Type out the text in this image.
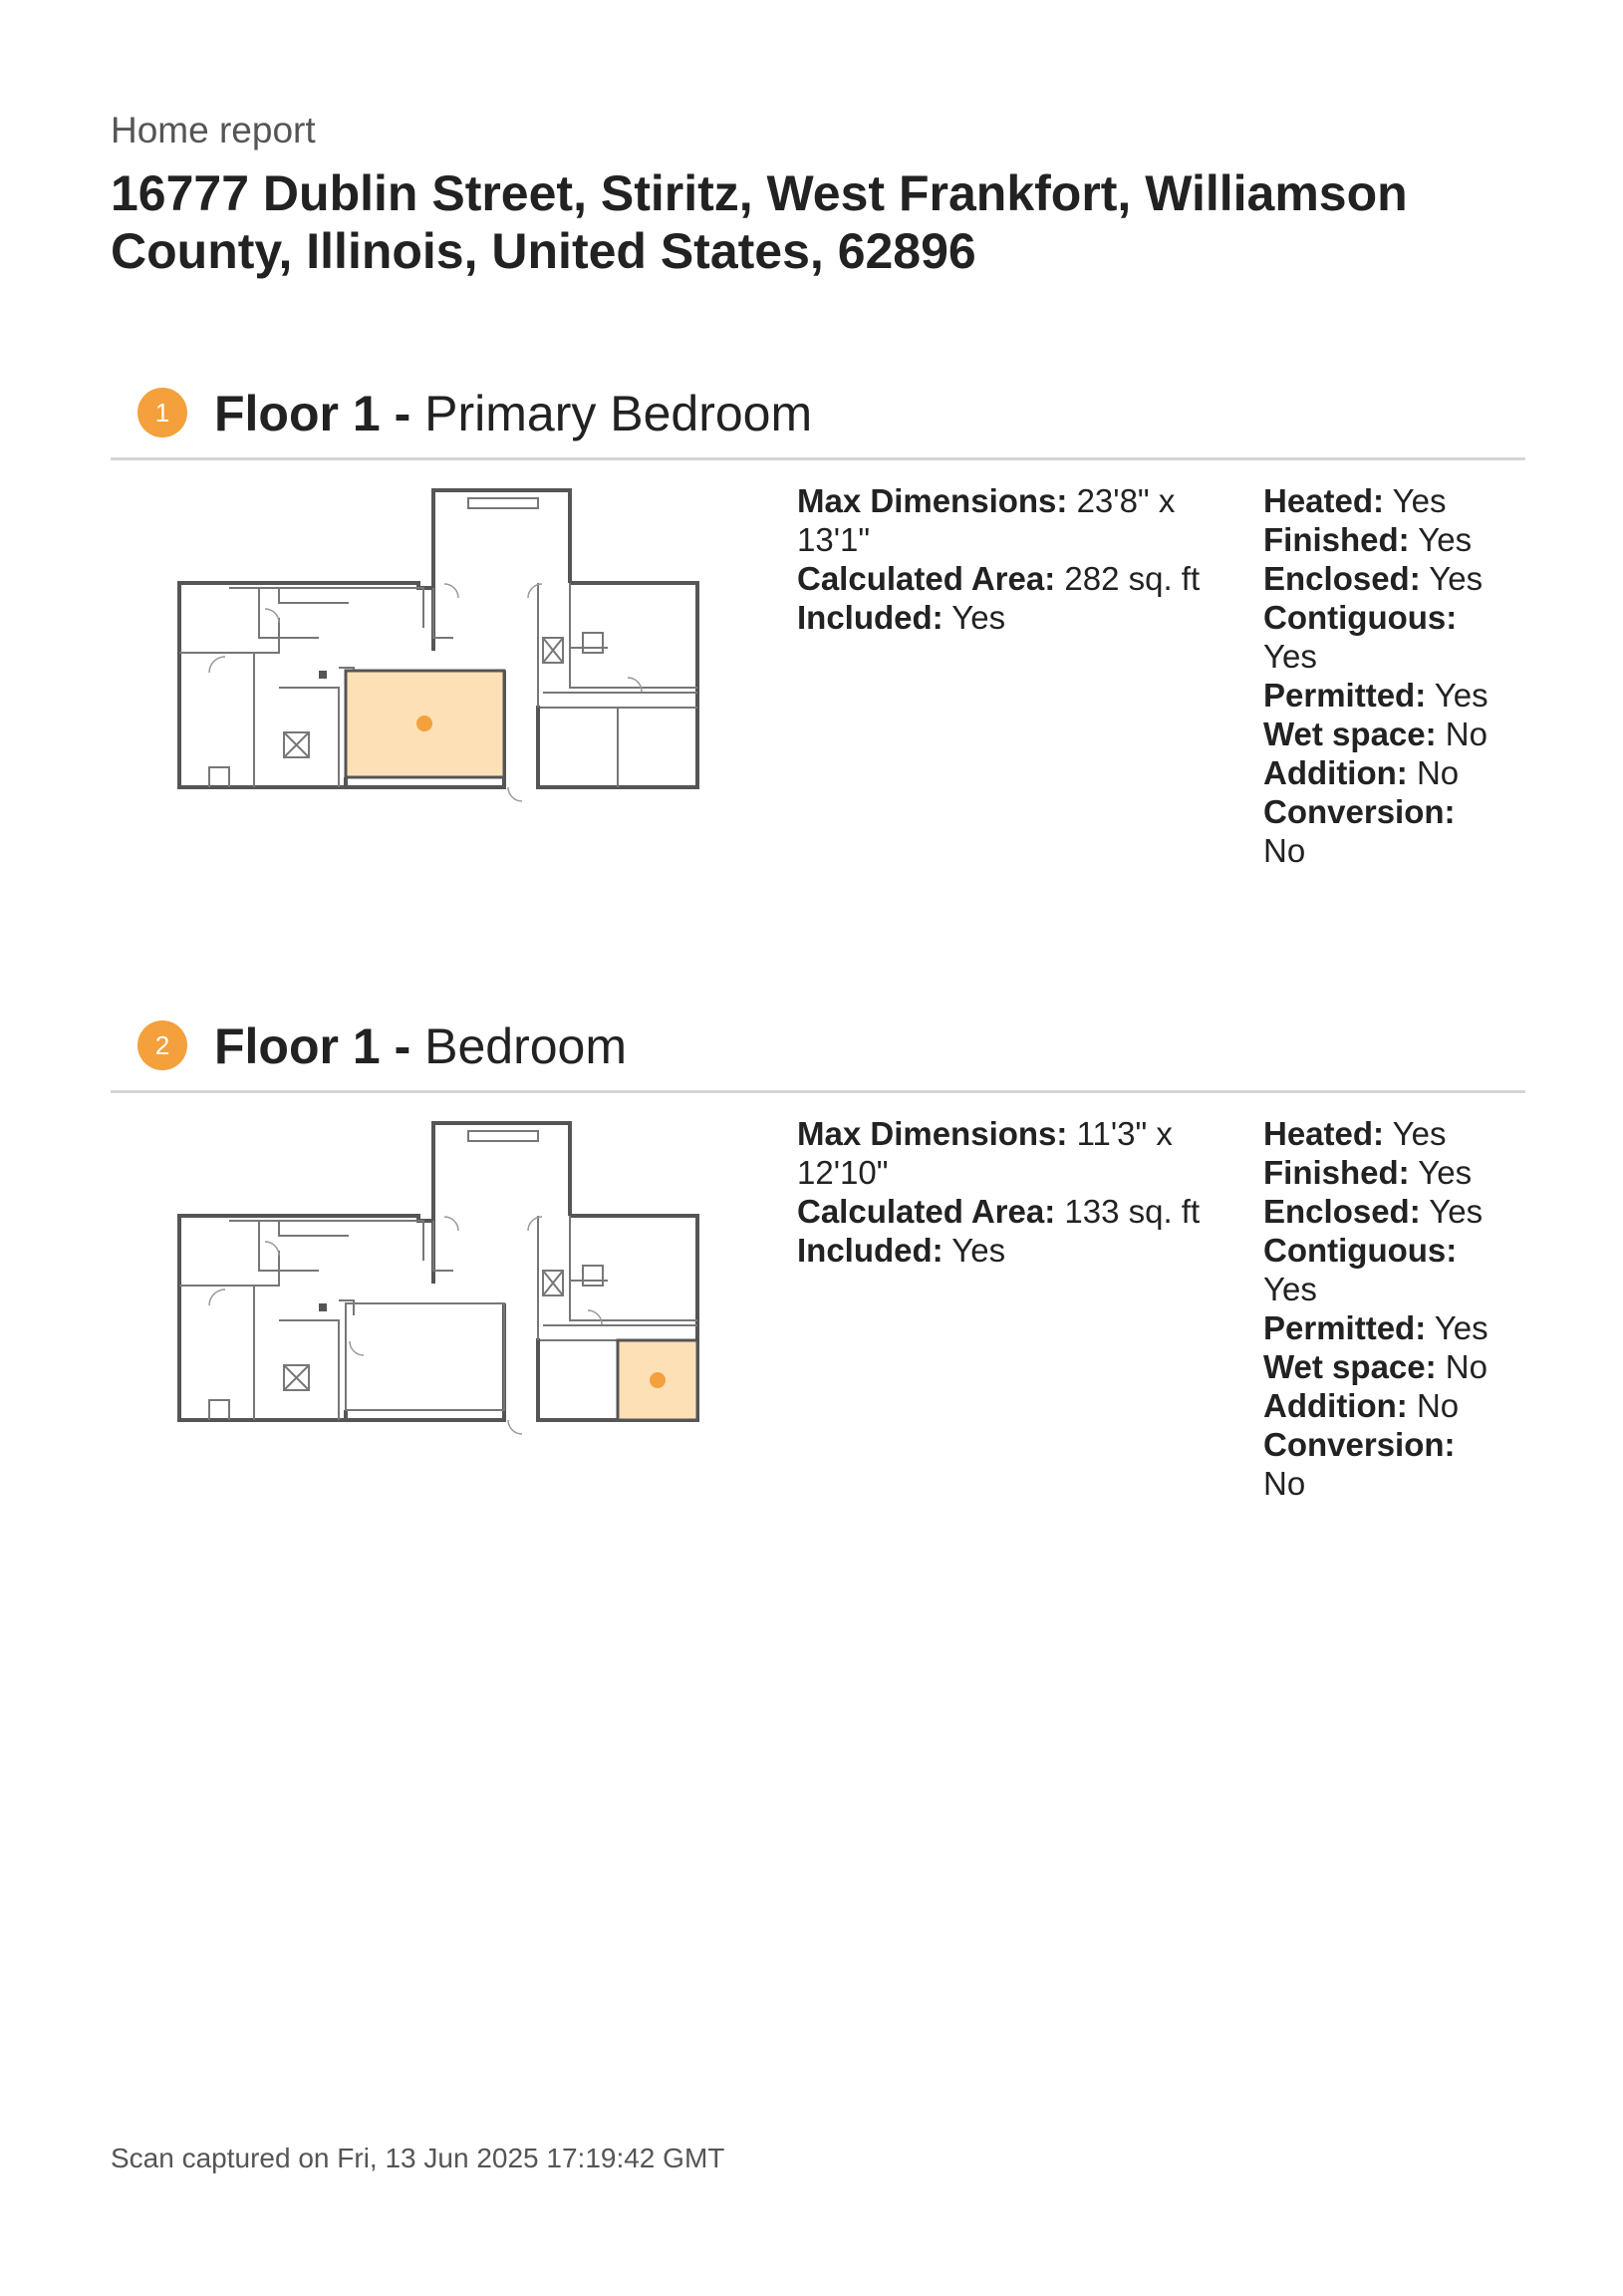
Home report
16777 Dublin Street, Stiritz, West Frankfort, Williamson County, Illinois, United States, 62896
1 Floor 1 - Primary Bedroom
Max Dimensions: 23'8" x 13'1"
Calculated Area: 282 sq. ft
Included: Yes
Heated: Yes
Finished: Yes
Enclosed: Yes
Contiguous: Yes
Permitted: Yes
Wet space: No
Addition: No
Conversion: No
2 Floor 1 - Bedroom
Max Dimensions: 11'3" x 12'10"
Calculated Area: 133 sq. ft
Included: Yes
Heated: Yes
Finished: Yes
Enclosed: Yes
Contiguous: Yes
Permitted: Yes
Wet space: No
Addition: No
Conversion: No
Scan captured on Fri, 13 Jun 2025 17:19:42 GMT
